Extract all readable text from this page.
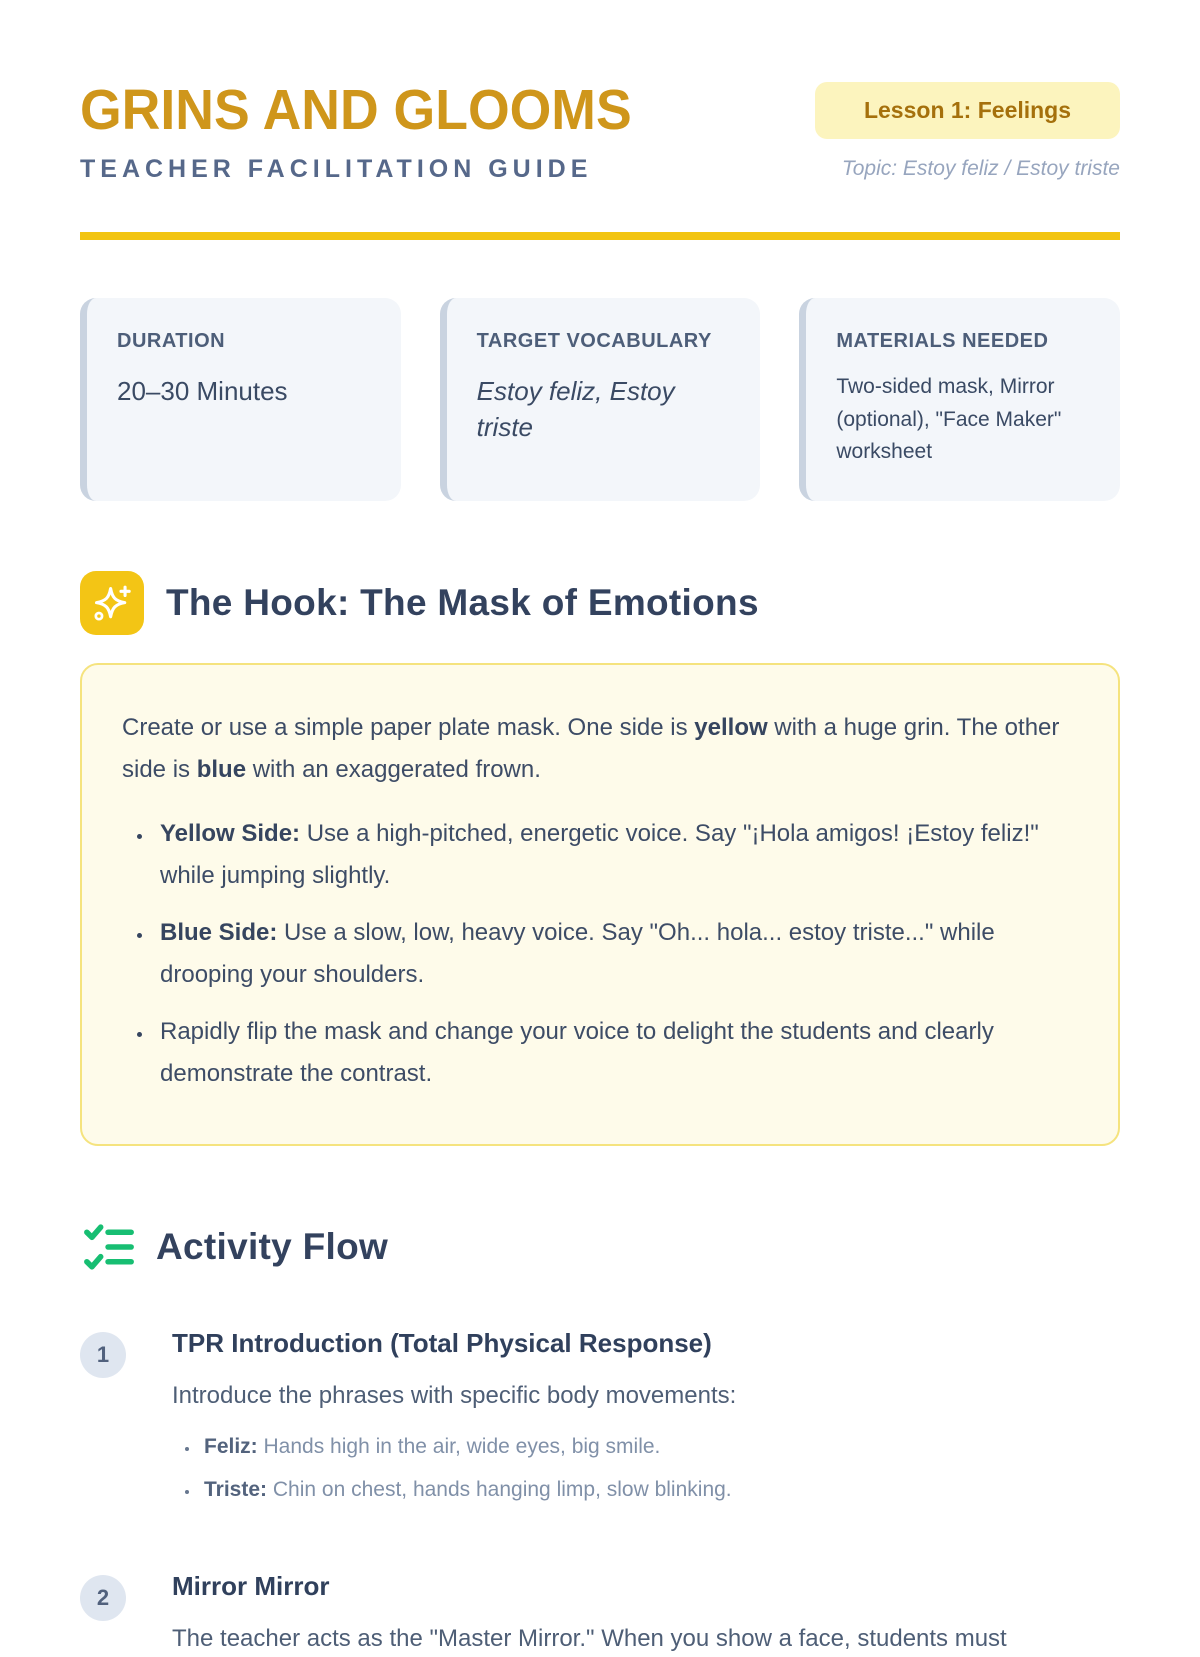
GRINS AND GLOOMS
TEACHER FACILITATION GUIDE
Lesson 1: Feelings
Topic: Estoy feliz / Estoy triste
DURATION
20–30 Minutes
TARGET VOCABULARY
Estoy feliz, Estoy triste
MATERIALS NEEDED
Two-sided mask, Mirror (optional), "Face Maker" worksheet
The Hook: The Mask of Emotions

Create or use a simple paper plate mask. One side is yellow with a huge grin. The other side is blue with an exaggerated frown.

• Yellow Side: Use a high-pitched, energetic voice. Say "¡Hola amigos! ¡Estoy feliz!" while jumping slightly.
• Blue Side: Use a slow, low, heavy voice. Say "Oh... hola... estoy triste..." while drooping your shoulders.
• Rapidly flip the mask and change your voice to delight the students and clearly demonstrate the contrast.
Activity Flow
1	TPR Introduction (Total Physical Response)
Introduce the phrases with specific body movements:
• Feliz: Hands high in the air, wide eyes, big smile.
• Triste: Chin on chest, hands hanging limp, slow blinking.
2	Mirror Mirror
The teacher acts as the "Master Mirror." When you show a face, students must
